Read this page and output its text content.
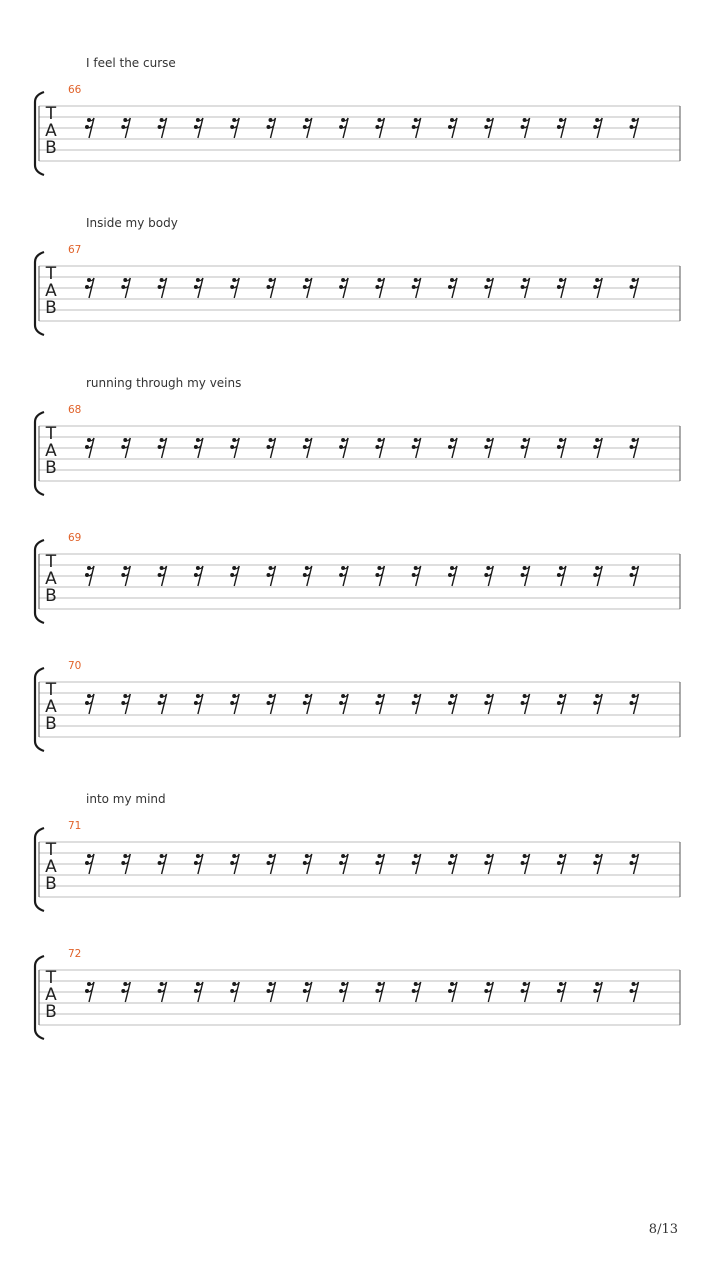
I feel the curse
66
T
A
B
Inside my body
67
T
A
B
running through my veins
68
T
A
B
69
T
A
B
70
T
A
B
into my mind
71
T
A
B
72
T
A
B
8/13
